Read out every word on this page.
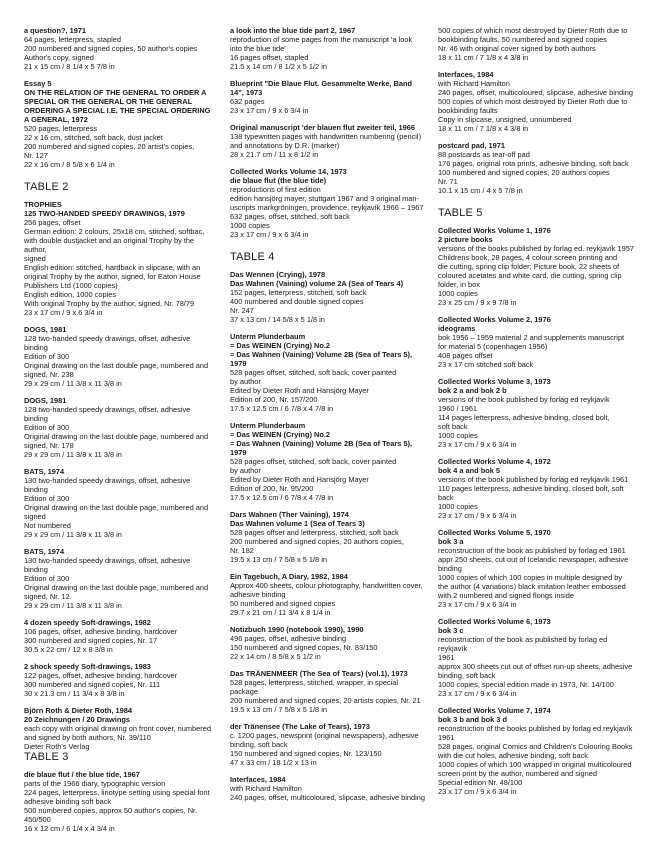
a question?, 1971
64 pages, letterpress, stapled
200 numbered and signed copies, 50 author's copies
Author's copy, signed
21 x 15 cm / 8 1/4 x 5 7/8 in
Essay 5
ON THE RELATION OF THE GENERAL TO ORDER A
SPECIAL OR THE GENERAL OR THE GENERAL
ORDERING A SPECIAL I.E. THE SPECIAL ORDERING
A GENERAL, 1972
520 pages, letterpress
22 x 16 cm, stitched, soft back, dust jacket
200 numbered and signed copies, 20 artist's copies,
Nr. 127
22 x 16 cm / 8 5/8 x 6 1/4 in
TABLE 2
TROPHIES
125 TWO-HANDED SPEEDY DRAWINGS, 1979
256 pages, offset
German edition: 2 colours, 25x18 cm, stitched, softbac,
with double dustjacket and an original Trophy by the author,
signed
English edition: stitched, hardback in slipcase, with an
original Trophy by the author, signed, for Eaton House
Publishers Ltd (1000 copies)
English edition, 1000 copies
With original Trophy by the author, signed, Nr. 78/79
23 x 17 cm / 9 x 6 3/4 in
DOGS, 1981
128 two-handed speedy drawings, offset, adhesive binding
Edition of 300
Original drawing on the last double page, numbered and
signed, Nr. 238
29 x 29 cm / 11 3/8 x 11 3/8 in
DOGS, 1981
128 two-handed speedy drawings, offset, adhesive binding
Edition of 300
Original drawing on the last double page, numbered and
signed, Nr. 178
29 x 29 cm / 11 3/8 x 11 3/8 in
BATS, 1974
130 two-handed speedy drawings, offset, adhesive binding
Edition of 300
Original drawing on the last double page, numbered and
signed
Not numbered
29 x 29 cm / 11 3/8 x 11 3/8 in
BATS, 1974
130 two-handed speedy drawings, offset, adhesive binding
Edition of 300
Original drawing on the last double page, numbered and
signed, Nr. 12
29 x 29 cm / 11 3/8 x 11 3/8 in
4 dozen speedy Soft-drawings, 1982
106 pages, offset, adhesive binding, hardcover
300 numbered and signed copies, Nr. 17
30.5 x 22 cm / 12 x 8 3/8 in
2 shock speedy Soft-drawings, 1983
122 pages, offset, adhesive binding, hardcover
300 numbered and signed copies, Nr. 111
30 x 21.3 cm / 11 3/4 x 8 3/8 in
Björn Roth & Dieter Roth, 1984
20 Zeichnungen / 20 Drawings
each copy with original drawing on front cover, numbered
and signed by both authors, Nr. 39/110
Dieter Roth's Verlag
TABLE 3
die blaue flut / the blue tide, 1967
parts of the 1966 diary, typographic version
224 pages, letterpress, linotype setting using special font
adhesive binding soft back
500 numbered copies, approx 50 author's copies, Nr.
450/500
16 x 12 cm / 6 1/4 x 4 3/4 in
a look into the blue tide part 2, 1967
reproduction of some pages from the manuscript 'a look
into the blue tide'
16 pages offset, stapled
21.5 x 14 cm / 8 1/2 x 5 1/2 in
Blueprint "Die Blaue Flut. Gesammelte Werke, Band
14", 1973
632 pages
23 x 17 cm / 9 x 6 3/4 in
Original manuscript 'der blauen flut zweiter teil, 1966
138 typewritten pages with handwritten numbering (pencil)
and annotations by D.R. (marker)
28 x 21.7 cm / 11 x 8 1/2 in
Collected Works Volume 14, 1973
die blaue flut (the blue tide)
reproductions of first edition
edition hansjörg mayer, stuttgart 1967 and 3 original man-
uscripts markgröningen, providence, reykjavík 1966 – 1967
632 pages, offset, stitched, soft back
1000 copies
23 x 17 cm / 9 x 6 3/4 in
TABLE 4
Das Wennen (Crying), 1978
Das Wahnen (Vaining) volume 2A (Sea of Tears 4)
152 pages, letterpress, stitched, soft back
400 numbered and double signed copies
Nr. 247
37 x 13 cm / 14 5/8 x 5 1/8 in
Unterm Plunderbaum
= Das WEINEN (Crying) No.2
= Das Wahnen (Vaining) Volume 2B (Sea of Tears 5),
1979
528 pages offset, stitched, soft back, cover painted
by author
Edited by Dieter Roth and Hansjörg Mayer
Edition of 200, Nr. 157/200
17.5 x 12.5 cm / 6 7/8 x 4 7/8 in
Unterm Plunderbaum
= Das WEINEN (Crying) No.2
= Das Wahnen (Vaining) Volume 2B (Sea of Tears 5),
1979
528 pages offset, stitched, soft back, cover painted
by author
Edited by Dieter Roth and Hansjörg Mayer
Edition of 200, Nr. 95/200
17.5 x 12.5 cm / 6 7/8 x 4 7/8 in
Dars Wahnen (Ther Vaining), 1974
Das Wahnen volume 1 (Sea of Tears 3)
528 pages offset and letterpress, stitched, soft back
200 numbered and signed copies, 20 authors copies,
Nr. 182
19.5 x 13 cm / 7 5/8 x 5 1/8 in
Ein Tagebuch, A Diary, 1982, 1984
Approx 400 sheets, colour photography, handwritten cover,
adhesive binding
50 numbered and signed copies
29.7 x 21 cm / 11 3/4 x 8 1/4 in
Notizbuch 1990 (notebook 1990), 1990
496 pages, offset, adhesive binding
150 numbered and signed copies, Nr. 83/150
22 x 14 cm / 8 5/8 x 5 1/2 in
Das TRÄNENMEER (The Sea of Tears) (vol.1), 1973
528 pages, letterpress, stitched, wrapper, in special
package
200 numbered and signed copies, 20 artists copies, Nr. 21
19.5 x 13 cm / 7 5/8 x 5 1/8 in
der Tränensee (The Lake of Tears), 1973
c. 1200 pages, newsprint (original newspapers), adhesive
binding, soft back
150 numbered and signed copies, Nr. 123/150
47 x 33 cm / 18 1/2 x 13 in
Interfaces, 1984
with Richard Hamilton
240 pages, offset, multicoloured, slipcase, adhesive binding
500 copies of which most destroyed by Dieter Roth due to
bookbinding faults, 50 numbered and signed copies
Nr. 46 with original cover signed by both authors
18 x 11 cm / 7 1/8 x 4 3/8 in
Interfaces, 1984
with Richard Hamilton
240 pages, offset, multicoloured, slipcase, adhesive binding
500 copies of which most destroyed by Dieter Roth due to
bookbinding faults
Copy in slipcase, unsigned, unnumbered
18 x 11 cm / 7 1/8 x 4 3/8 in
postcard pad, 1971
88 postcards as tear-off pad
176 pages, original rota prints, adhesive binding, soft back
100 numbered and signed copies, 20 authors copies
Nr. 71
10.1 x 15 cm / 4 x 5 7/8 in
TABLE 5
Collected Works Volume 1, 1976
2 picture books
versions of the books published by forlag ed. reykjavík 1957
Childrens book, 28 pages, 4 colour screen printing and
die cutting, spring clip folder; Picture book, 22 sheets of
coloured acetates and white card, die cutting, spring clip
folder, in box
1000 copies
23 x 25 cm / 9 x 9 7/8 in
Collected Works Volume 2, 1976
ideograms
bok 1956 – 1959 material 2 and supplements manuscript
for material 5 (copenhagen 1956)
408 pages offset
23 x 17 cm stitched soft back
Collected Works Volume 3, 1973
bok 2 a and bok 2 b
versions of the book published by forlag ed reykjavík
1960 / 1961
114 pages letterpress, adhesive binding, closed bolt,
soft back
1000 copies
23 x 17 cm / 9 x 6 3/4 in
Collected Works Volume 4, 1972
bok 4 a and bok 5
versions of the book published by forlag ed reykjavík 1961
110 pages letterpress, adhesive binding, closed bolt, soft
back
1000 copies
23 x 17 cm / 9 x 6 3/4 in
Collected Works Volume 5, 1970
bok 3 a
reconstruction of the book as published by forlag ed 1961
appr 250 sheets, cut out of Icelandic newspaper, adhesive
binding
1000 copies of which 100 copies in multiple designed by
the author (4 variations) black imitation leather embossed
with 2 numbered and signed flongs inside
23 x 17 cm / 9 x 6 3/4 in
Collected Works Volume 6, 1973
bok 3 c
reconstruction of the book as published by forlag ed reykjavík
1961
approx 300 sheets cut out of offset run-up sheets, adhesive
binding, soft back
1000 copies, special edition made in 1973, Nr. 14/100
23 x 17 cm / 9 x 6 3/4 in
Collected Works Volume 7, 1974
bok 3 b and bok 3 d
reconstruction of the books published by forlag ed reykjavík
1961
528 pages, original Comics and Children's Colouring Books
with die cut holes, adhesive binding, soft back
1000 copies of which 100 wrapped in original multicoloured
screen print by the author, numbered and signed
Special edition Nr. 48/100
23 x 17 cm / 9 x 6 3/4 in
